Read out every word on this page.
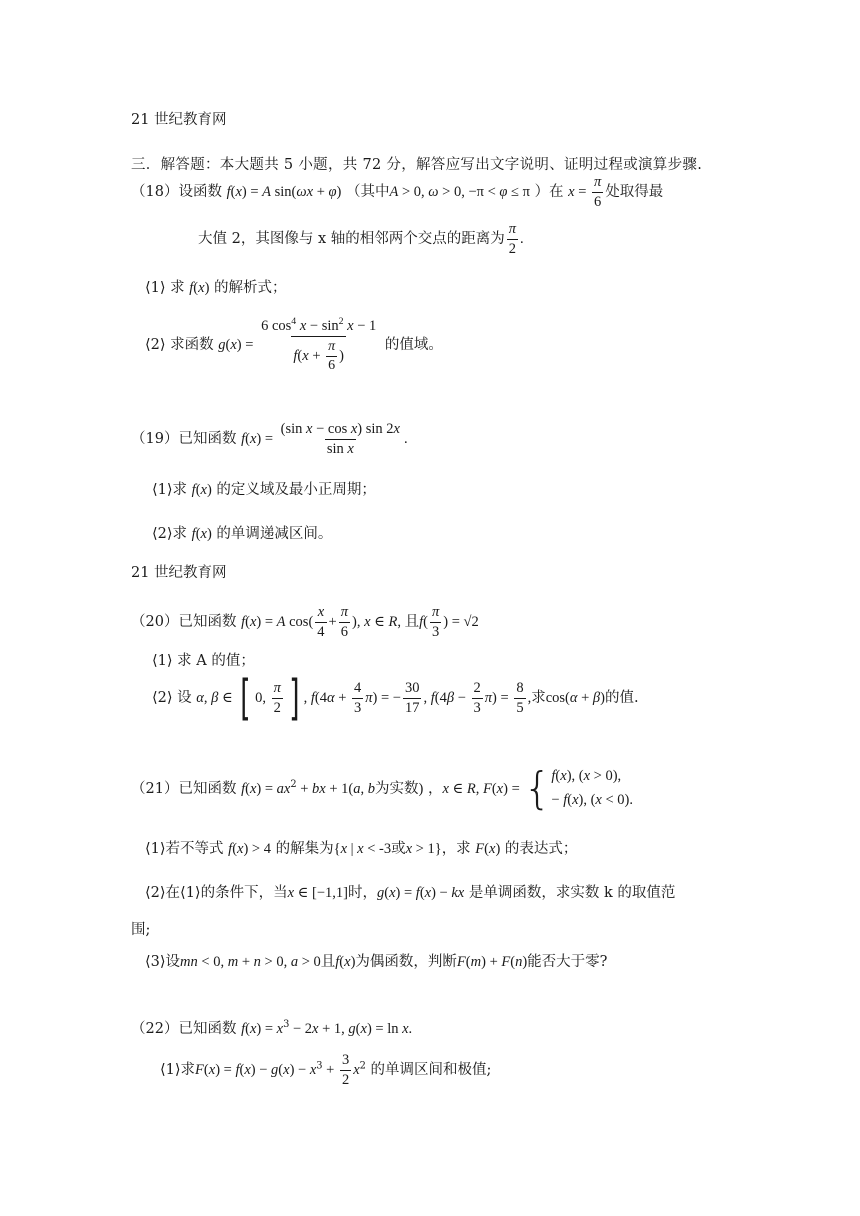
21 世纪教育网
三．解答题：本大题共 5 小题，共 72 分，解答应写出文字说明、证明过程或演算步骤.
（18）设函数 f(x) = A sin(ωx + φ) （其中A > 0, ω > 0, −π < φ ≤ π ）在 $x = \frac{\pi}{6}$ 处取得最
大值 2，其图像与 x 轴的相邻两个交点的距离为 $\frac{\pi}{2}$ .
⟨1⟩ 求 f(x) 的解析式；
⟨2⟩ 求函数 $g(x) = \frac{6 \cos^4 x - \sin^2 x - 1}{f(x + \frac{\pi}{6} )}$ 的值域。
（19）已知函数 $f(x) = \frac{\text{(sin x − cos x) sin 2x}}{\text{sin x}}$ .
⟨1⟩求 f(x) 的定义域及最小正周期；
⟨2⟩求 f(x) 的单调递减区间。
21 世纪教育网
（20）已知函数 f(x) = A $\cos( \frac{x}{4} + \frac{\pi}{6}$ ), x ∈ R, 且$f( \frac{\pi}{3}$ ) = √2
⟨1⟩ 求 A 的值；
⟨2⟩ 设 α, β ∈ [ 0, $\frac{\pi}{2}$ ] , $f(4\alpha + \frac{4}{3} \pi)$ = − $\frac{30}{17}$ , $f(4\beta - \frac{2}{3} \pi) = \frac{8}{5}$ ,求cos(α + β)的值.
（21）已知函数 $f(x) = ax^2$ + bx + 1(a, b为实数) ，x ∈ R, F(x) = { f(x), (x > 0),
− f(x), (x < 0).
⟨1⟩若不等式 f(x) > 4 的解集为{x | x < -3或x > 1}，求 F(x) 的表达式；
⟨2⟩在⟨1⟩的条件下，当x ∈ [−1,1]时，g(x) = f(x) − kx 是单调函数，求实数 k 的取值范
围;
⟨3⟩设mn < 0, m + n > 0, a > 0且f(x)为偶函数，判断F(m) + F(n)能否大于零?
（22）已知函数 $f(x) = x^3 - 2x + 1$, g(x) = ln x.
⟨1⟩求$F(x) = f(x) - g(x) - x^3 + \frac{3}{2} x^2$ 的单调区间和极值;
